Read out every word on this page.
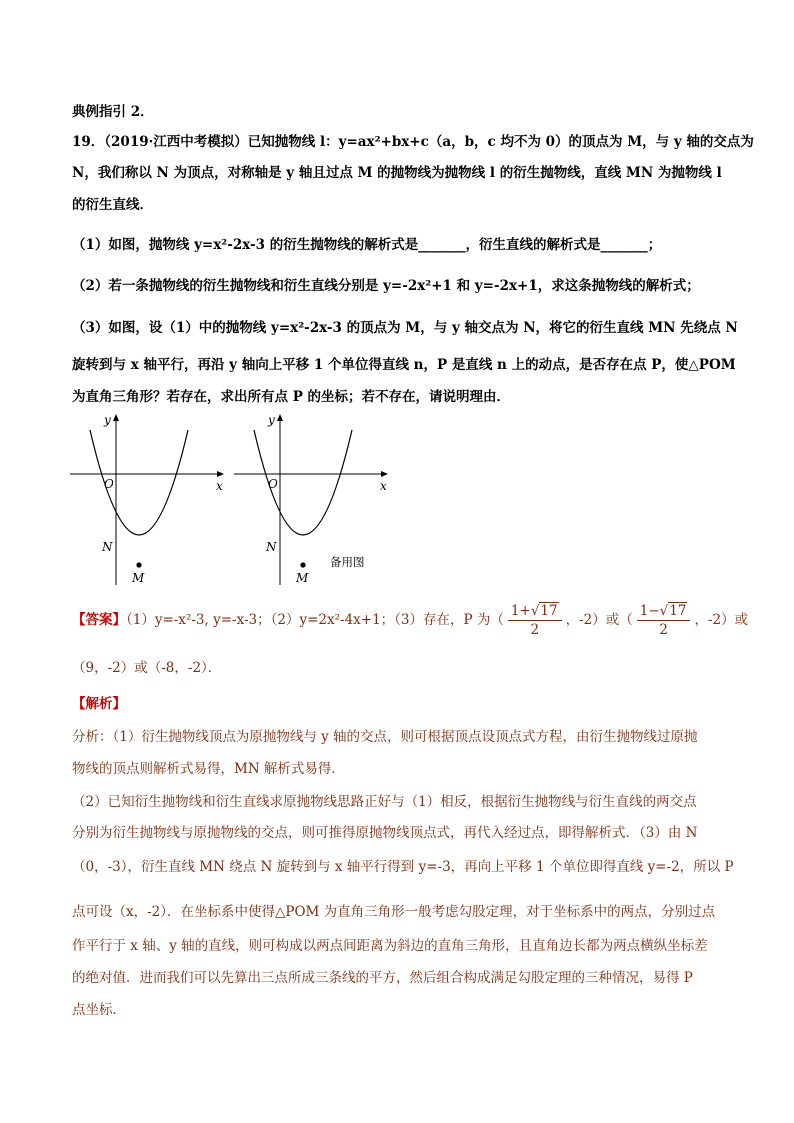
典例指引 2．
19．（2019·江西中考模拟）已知抛物线 l：y=ax²+bx+c（a，b，c 均不为 0）的顶点为 M，与 y 轴的交点为
N，我们称以 N 为顶点，对称轴是 y 轴且过点 M 的抛物线为抛物线 l 的衍生抛物线，直线 MN 为抛物线 l
的衍生直线．
（1）如图，抛物线 y=x²-2x-3 的衍生抛物线的解析式是_______，衍生直线的解析式是_______；
（2）若一条抛物线的衍生抛物线和衍生直线分别是 y=-2x²+1 和 y=-2x+1，求这条抛物线的解析式；
（3）如图，设（1）中的抛物线 y=x²-2x-3 的顶点为 M，与 y 轴交点为 N，将它的衍生直线 MN 先绕点 N
旋转到与 x 轴平行，再沿 y 轴向上平移 1 个单位得直线 n，P 是直线 n 上的动点，是否存在点 P，使△POM
为直角三角形？若存在，求出所有点 P 的坐标；若不存在，请说明理由．
y
x
O
N
M
y
x
O
N
M
备用图
【答案】（1）y=-x²-3, y=-x-3；（2）y=2x²-4x+1；（3）存在，P 为（ $\frac{1+√17}{2}$ ，-2）或（ $\frac{1-√17}{2}$ ，-2）或
（9，-2）或（-8，-2）．
【解析】
分析：（1）衍生抛物线顶点为原抛物线与 y 轴的交点，则可根据顶点设顶点式方程，由衍生抛物线过原抛
物线的顶点则解析式易得，MN 解析式易得．
（2）已知衍生抛物线和衍生直线求原抛物线思路正好与（1）相反，根据衍生抛物线与衍生直线的两交点
分别为衍生抛物线与原抛物线的交点，则可推得原抛物线顶点式，再代入经过点，即得解析式．（3）由 N
（0，-3），衍生直线 MN 绕点 N 旋转到与 x 轴平行得到 y=-3，再向上平移 1 个单位即得直线 y=-2，所以 P
点可设（x，-2）．在坐标系中使得△POM 为直角三角形一般考虑勾股定理，对于坐标系中的两点，分别过点
作平行于 x 轴、y 轴的直线，则可构成以两点间距离为斜边的直角三角形，且直角边长都为两点横纵坐标差
的绝对值．进而我们可以先算出三点所成三条线的平方，然后组合构成满足勾股定理的三种情况，易得 P
点坐标．
